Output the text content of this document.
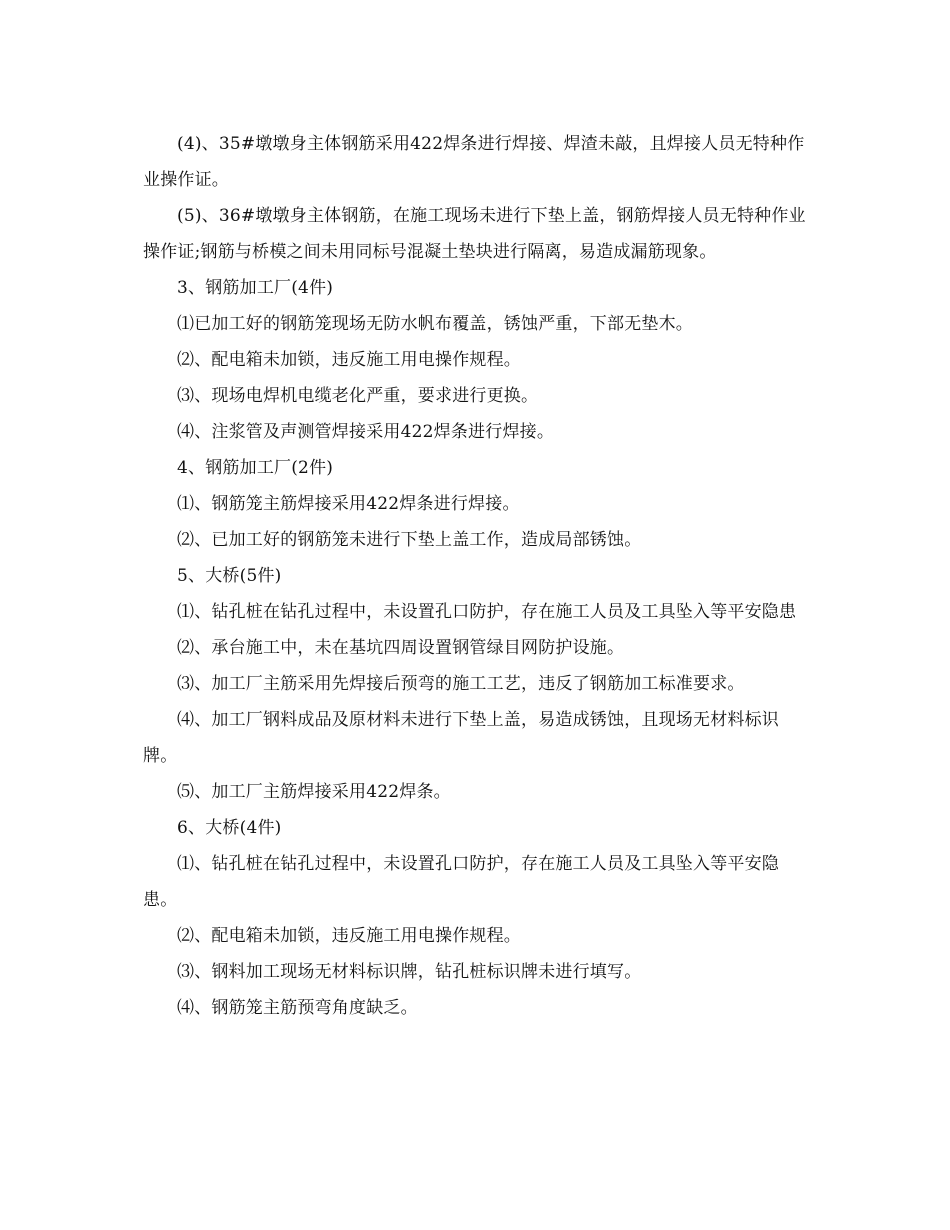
(4)、35#墩墩身主体钢筋采用422焊条进行焊接、焊渣未敲，且焊接人员无特种作业操作证。

(5)、36#墩墩身主体钢筋，在施工现场未进行下垫上盖，钢筋焊接人员无特种作业操作证;钢筋与桥模之间未用同标号混凝土垫块进行隔离，易造成漏筋现象。

3、钢筋加工厂(4件)

⑴已加工好的钢筋笼现场无防水帆布覆盖，锈蚀严重，下部无垫木。

⑵、配电箱未加锁，违反施工用电操作规程。

⑶、现场电焊机电缆老化严重，要求进行更换。

⑷、注浆管及声测管焊接采用422焊条进行焊接。

4、钢筋加工厂(2件)

⑴、钢筋笼主筋焊接采用422焊条进行焊接。

⑵、已加工好的钢筋笼未进行下垫上盖工作，造成局部锈蚀。

5、大桥(5件)

⑴、钻孔桩在钻孔过程中，未设置孔口防护，存在施工人员及工具坠入等平安隐患

⑵、承台施工中，未在基坑四周设置钢管绿目网防护设施。

⑶、加工厂主筋采用先焊接后预弯的施工工艺，违反了钢筋加工标准要求。

⑷、加工厂钢料成品及原材料未进行下垫上盖，易造成锈蚀，且现场无材料标识牌。

⑸、加工厂主筋焊接采用422焊条。

6、大桥(4件)

⑴、钻孔桩在钻孔过程中，未设置孔口防护，存在施工人员及工具坠入等平安隐患。

⑵、配电箱未加锁，违反施工用电操作规程。

⑶、钢料加工现场无材料标识牌，钻孔桩标识牌未进行填写。

⑷、钢筋笼主筋预弯角度缺乏。
